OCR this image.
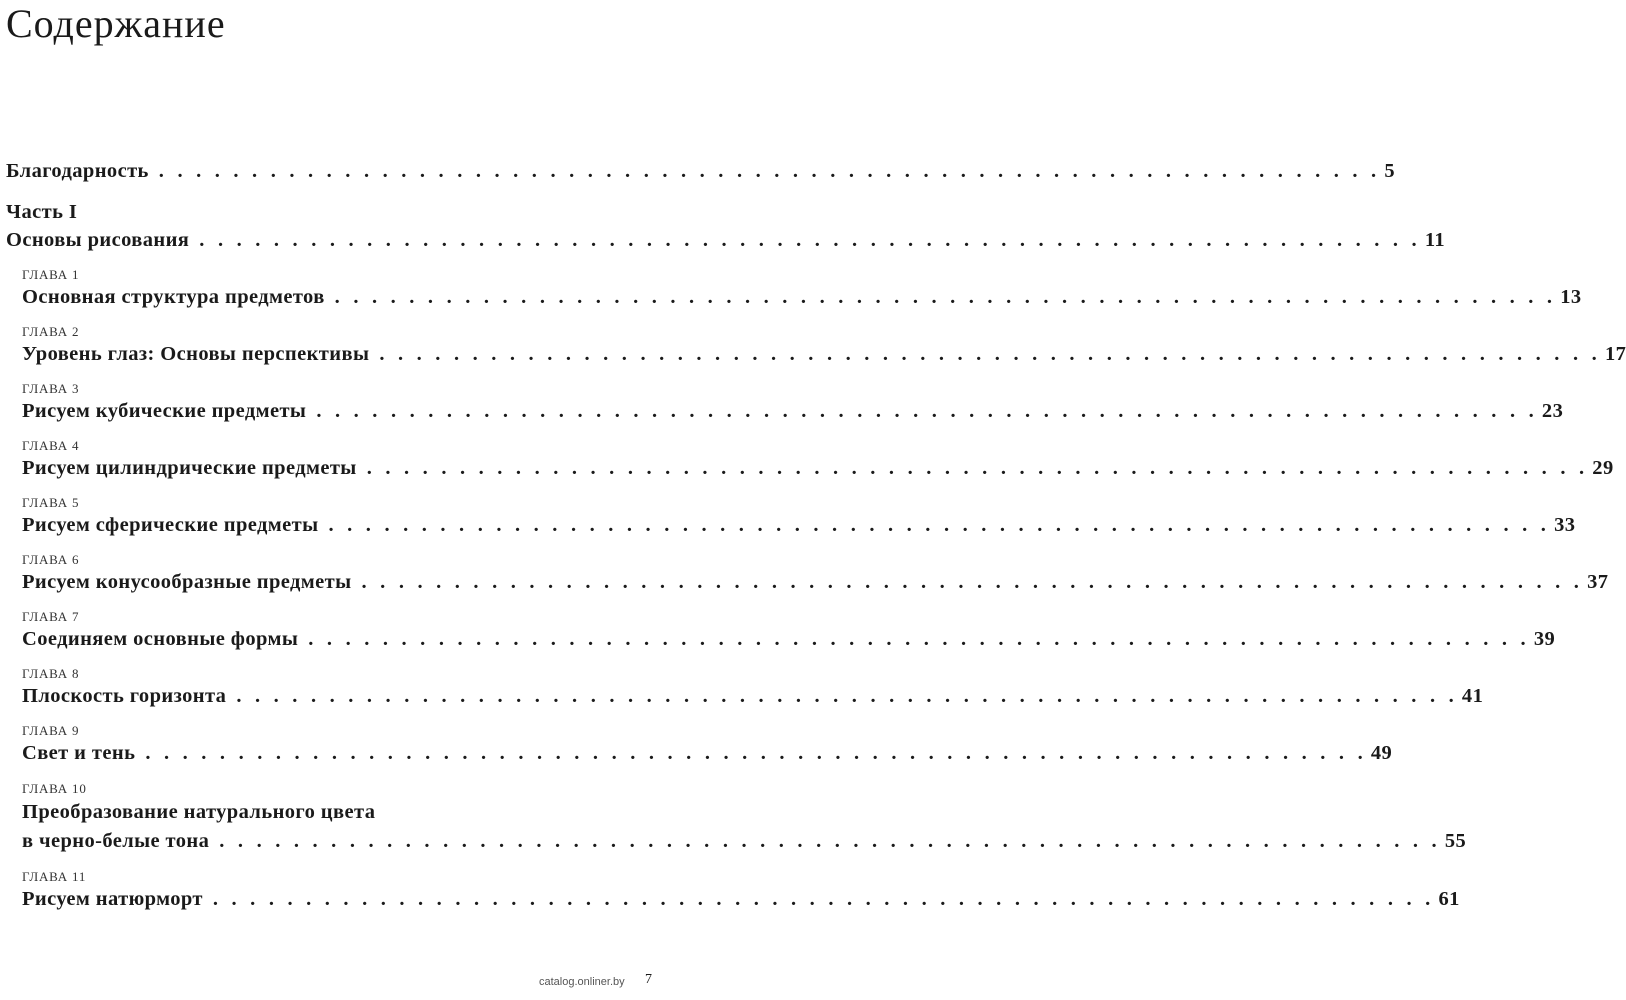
Содержание
Благодарность . . . . . . . . . . . . . . . . . . . . . . . . . . . . . . . . . . . . . . . . . . . . . . . . . . . . . . . . . . . . . . . . . . 5
Часть I
Основы рисования . . . . . . . . . . . . . . . . . . . . . . . . . . . . . . . . . . . . . . . . . . . . . . . . . . . . . . . . . . . . . . . . . . 11
ГЛАВА 1
Основная структура предметов . . . . . . . . . . . . . . . . . . . . . . . . . . . . . . . . . . . . . . . . . . . . . . . . . . . . . . . . . . . . . . . . . . 13
ГЛАВА 2
Уровень глаз: Основы перспективы . . . . . . . . . . . . . . . . . . . . . . . . . . . . . . . . . . . . . . . . . . . . . . . . . . . . . . . . . . . . . . . . . . 17
ГЛАВА 3
Рисуем кубические предметы . . . . . . . . . . . . . . . . . . . . . . . . . . . . . . . . . . . . . . . . . . . . . . . . . . . . . . . . . . . . . . . . . . 23
ГЛАВА 4
Рисуем цилиндрические предметы . . . . . . . . . . . . . . . . . . . . . . . . . . . . . . . . . . . . . . . . . . . . . . . . . . . . . . . . . . . . . . . . . . 29
ГЛАВА 5
Рисуем сферические предметы . . . . . . . . . . . . . . . . . . . . . . . . . . . . . . . . . . . . . . . . . . . . . . . . . . . . . . . . . . . . . . . . . . 33
ГЛАВА 6
Рисуем конусообразные предметы . . . . . . . . . . . . . . . . . . . . . . . . . . . . . . . . . . . . . . . . . . . . . . . . . . . . . . . . . . . . . . . . . . 37
ГЛАВА 7
Соединяем основные формы . . . . . . . . . . . . . . . . . . . . . . . . . . . . . . . . . . . . . . . . . . . . . . . . . . . . . . . . . . . . . . . . . . 39
ГЛАВА 8
Плоскость горизонта . . . . . . . . . . . . . . . . . . . . . . . . . . . . . . . . . . . . . . . . . . . . . . . . . . . . . . . . . . . . . . . . . . 41
ГЛАВА 9
Свет и тень . . . . . . . . . . . . . . . . . . . . . . . . . . . . . . . . . . . . . . . . . . . . . . . . . . . . . . . . . . . . . . . . . . 49
ГЛАВА 10
Преобразование натурального цвета
в черно-белые тона . . . . . . . . . . . . . . . . . . . . . . . . . . . . . . . . . . . . . . . . . . . . . . . . . . . . . . . . . . . . . . . . . . 55
ГЛАВА 11
Рисуем натюрморт . . . . . . . . . . . . . . . . . . . . . . . . . . . . . . . . . . . . . . . . . . . . . . . . . . . . . . . . . . . . . . . . . . 61
catalog.onliner.by 7
